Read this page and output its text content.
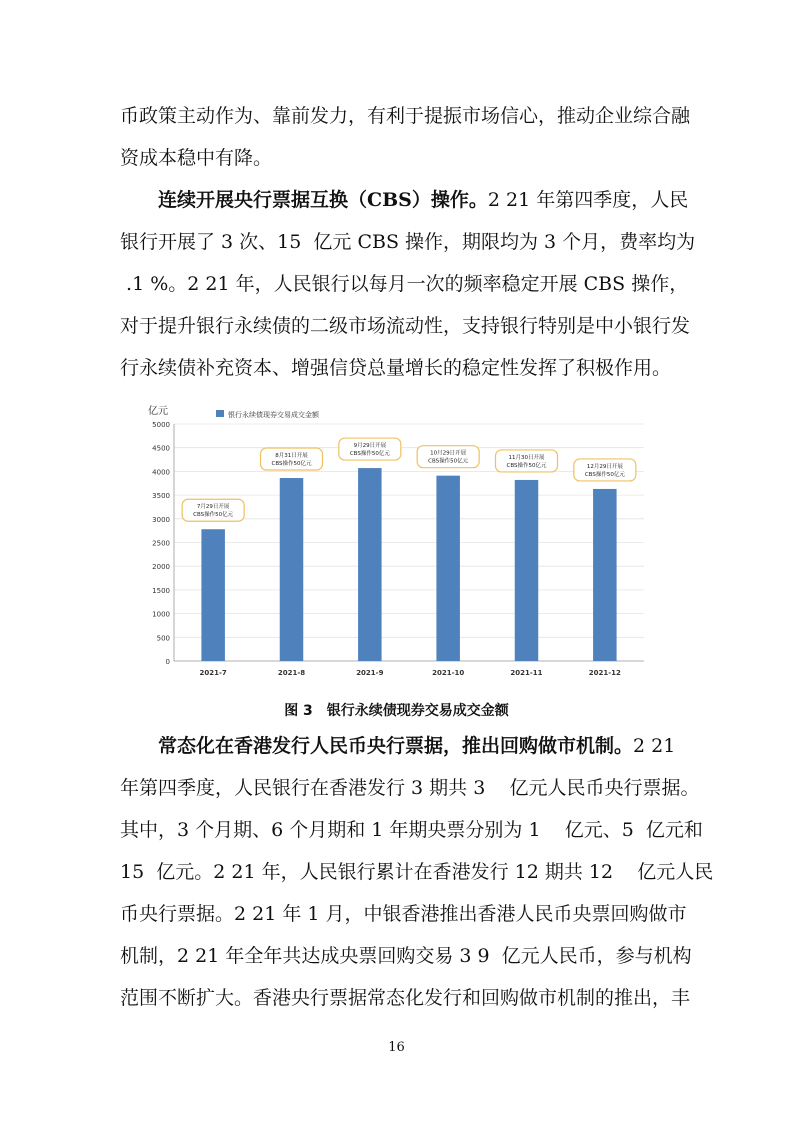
币政策主动作为、靠前发力，有利于提振市场信心，推动企业综合融
资成本稳中有降。
连续开展央行票据互换（CBS）操作。2 21 年第四季度，人民
银行开展了 3 次、15  亿元 CBS 操作，期限均为 3 个月，费率均为
.1 %。2 21 年，人民银行以每月一次的频率稳定开展 CBS 操作，
对于提升银行永续债的二级市场流动性，支持银行特别是中小银行发
行永续债补充资本、增强信贷总量增长的稳定性发挥了积极作用。
亿元	银行永续债现券交易成交金额
0
500
1000
1500
2000
2500
3000
3500
4000
4500
5000
2021-7	2021-8	2021-9	2021-10	2021-11	2021-12
7月29日开展
CBS操作50亿元
8月31日开展
CBS操作50亿元
9月29日开展
CBS操作50亿元	10月29日开展
CBS操作50亿元
11月30日开展
CBS操作50亿元	12月29日开展
CBS操作50亿元
图 3　银行永续债现券交易成交金额
常态化在香港发行人民币央行票据，推出回购做市机制。2 21
年第四季度，人民银行在香港发行 3 期共 3    亿元人民币央行票据。
其中，3 个月期、6 个月期和 1 年期央票分别为 1    亿元、5  亿元和
15  亿元。2 21 年，人民银行累计在香港发行 12 期共 12    亿元人民
币央行票据。2 21 年 1 月，中银香港推出香港人民币央票回购做市
机制，2 21 年全年共达成央票回购交易 3 9  亿元人民币，参与机构
范围不断扩大。香港央行票据常态化发行和回购做市机制的推出，丰
16
